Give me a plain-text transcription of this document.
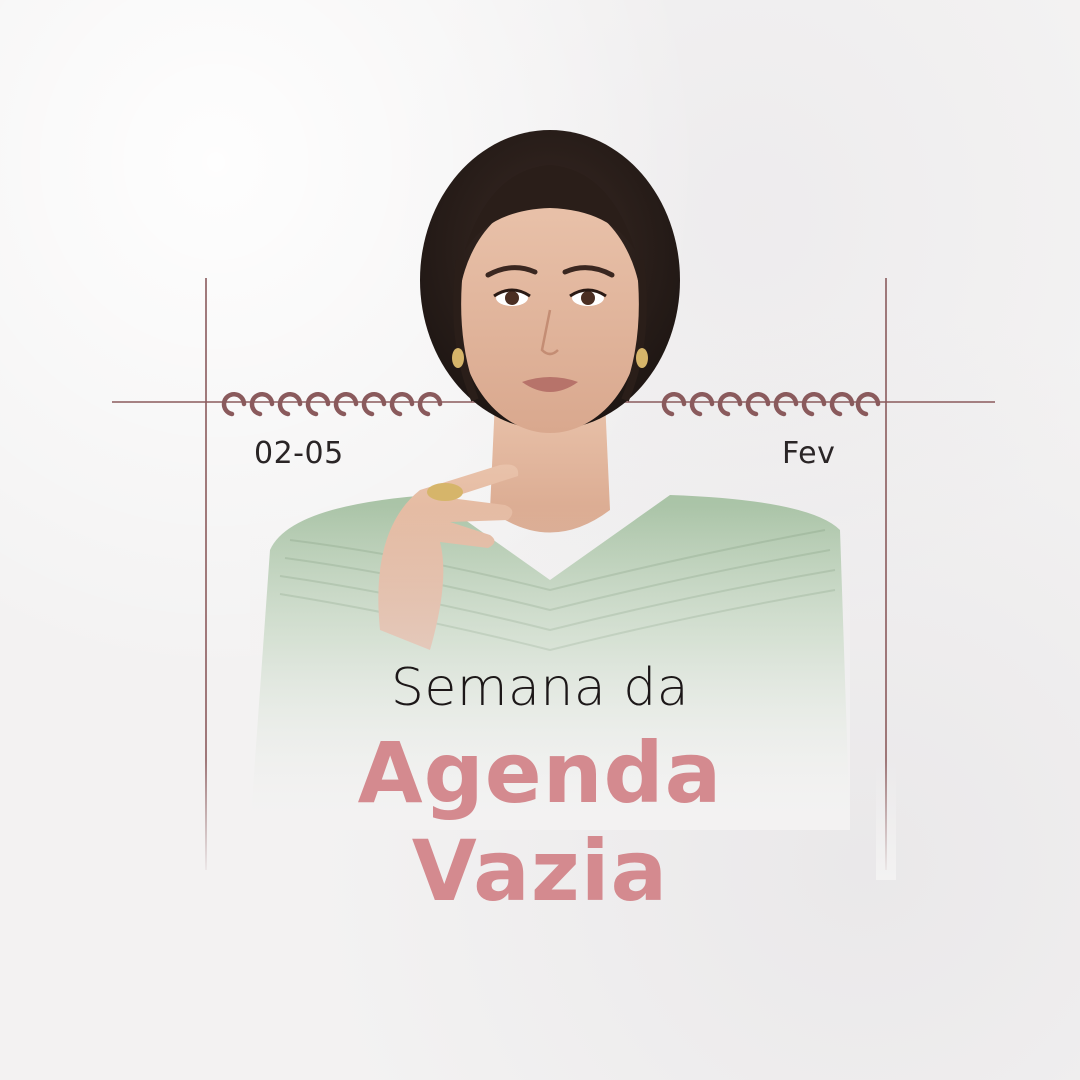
02-05	Fev
Semana da
Agenda
Vazia
